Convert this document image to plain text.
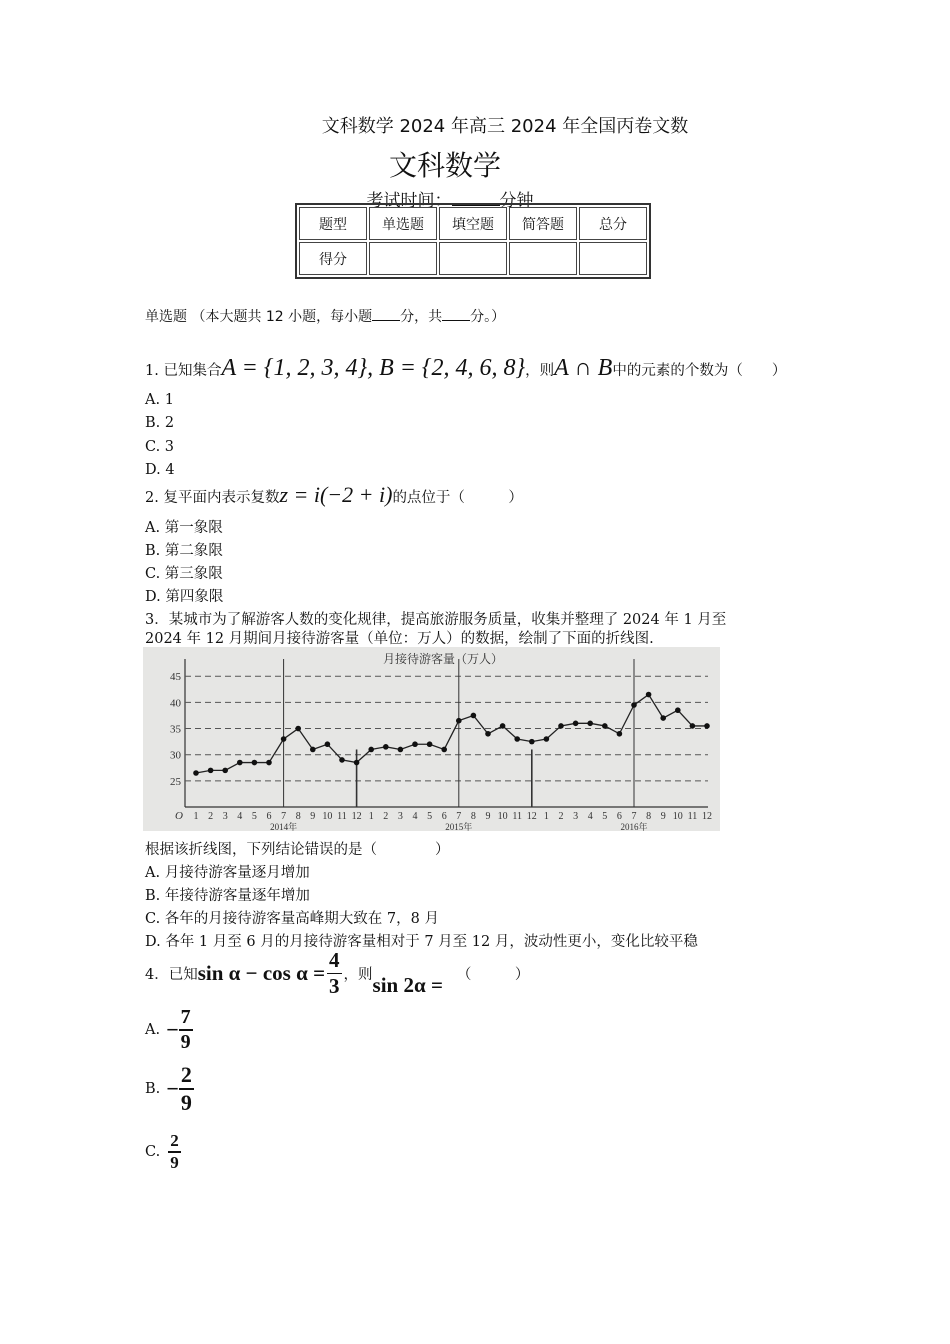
文科数学 2024 年高三 2024 年全国丙卷文数
文科数学
考试时间：	分钟
题型	单选题	填空题	简答题	总分
得分				
单选题 （本大题共 12 小题，每小题 分，共 分。）
1. 已知集合A = {1, 2, 3, 4}, B = {2, 4, 6, 8}，则A ∩ B中的元素的个数为（　　）
A. 1
B. 2
C. 3
D. 4
2. 复平面内表示复数z = i(−2 + i)的点位于（　　　）
A. 第一象限
B. 第二象限
C. 第三象限
D. 第四象限
3．某城市为了解游客人数的变化规律，提高旅游服务质量，收集并整理了 2024 年 1 月至
2024 年 12 月期间月接待游客量（单位：万人）的数据，绘制了下面的折线图.
25
30
35
40
45
月接待游客量（万人）
O 1 2 3 4 5 6 7 8 9 10 11 12 1 2 3 4 5 6 7 8 9 10 11 12 1 2 3 4 5 6 7 8 9 10 11 12
2014年	2015年	2016年
根据该折线图，下列结论错误的是（　　　　）
A. 月接待游客量逐月增加
B. 年接待游客量逐年增加
C. 各年的月接待游客量高峰期大致在 7，8 月
D. 各年 1 月至 6 月的月接待游客量相对于 7 月至 12 月，波动性更小，变化比较平稳
4．已知 $\sin \alpha - \cos \alpha = \frac{4}{3}$ ，则 sin 2α = （　　　）
A. − $\frac{7}{9}$
B. − $\frac{2}{9}$
C. $\frac{2}{9}$
